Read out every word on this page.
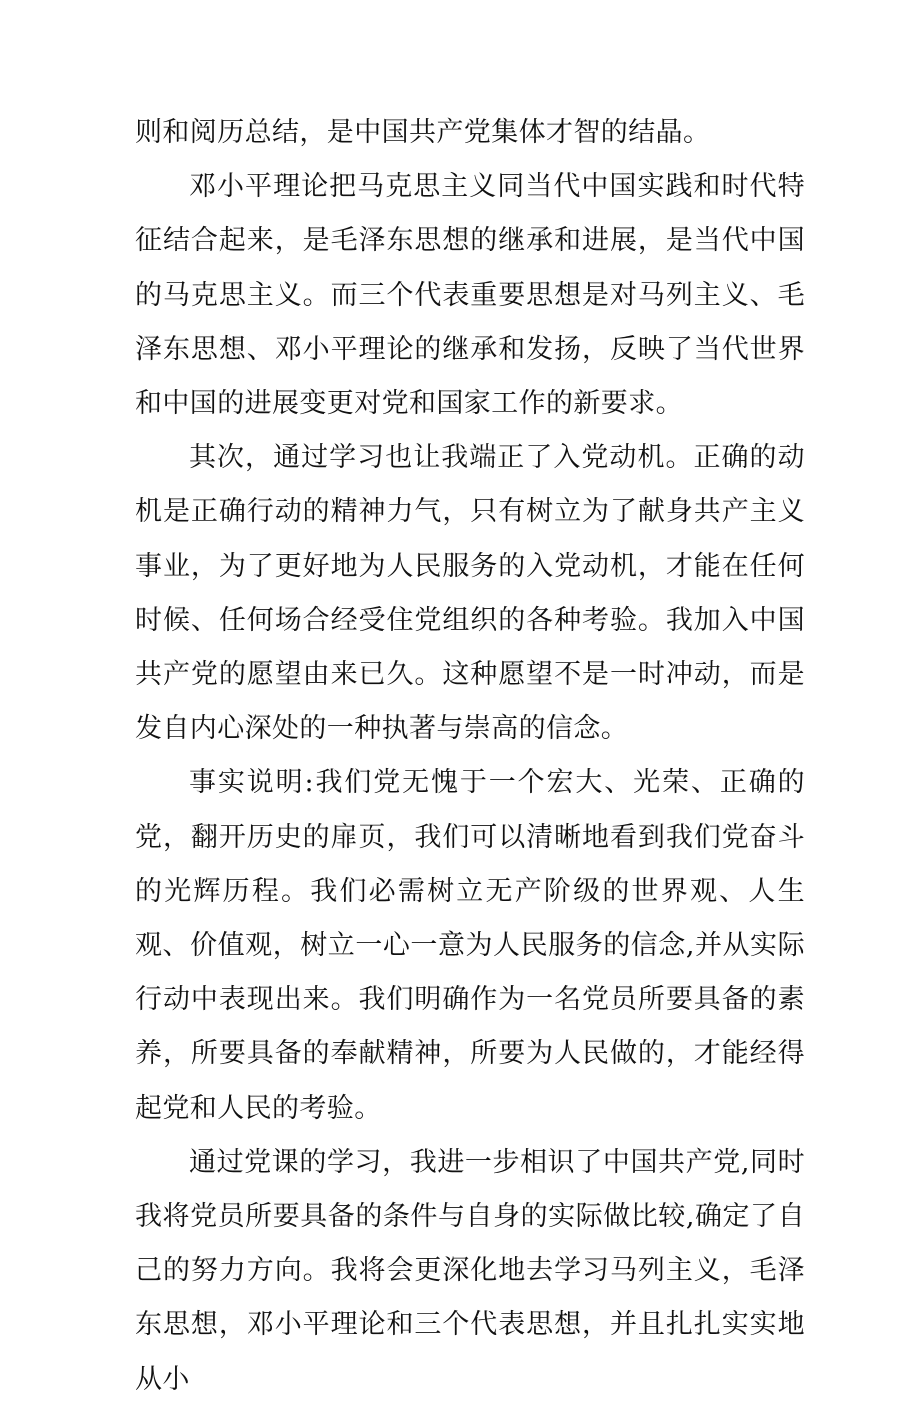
则和阅历总结，是中国共产党集体才智的结晶。

邓小平理论把马克思主义同当代中国实践和时代特征结合起来，是毛泽东思想的继承和进展，是当代中国的马克思主义。而三个代表重要思想是对马列主义、毛泽东思想、邓小平理论的继承和发扬，反映了当代世界和中国的进展变更对党和国家工作的新要求。

其次，通过学习也让我端正了入党动机。正确的动机是正确行动的精神力气，只有树立为了献身共产主义事业，为了更好地为人民服务的入党动机，才能在任何时候、任何场合经受住党组织的各种考验。我加入中国共产党的愿望由来已久。这种愿望不是一时冲动，而是发自内心深处的一种执著与崇高的信念。

事实说明:我们党无愧于一个宏大、光荣、正确的党，翻开历史的扉页，我们可以清晰地看到我们党奋斗的光辉历程。我们必需树立无产阶级的世界观、人生观、价值观，树立一心一意为人民服务的信念,并从实际行动中表现出来。我们明确作为一名党员所要具备的素养，所要具备的奉献精神，所要为人民做的，才能经得起党和人民的考验。

通过党课的学习，我进一步相识了中国共产党,同时我将党员所要具备的条件与自身的实际做比较,确定了自己的努力方向。我将会更深化地去学习马列主义，毛泽东思想，邓小平理论和三个代表思想，并且扎扎实实地从小
